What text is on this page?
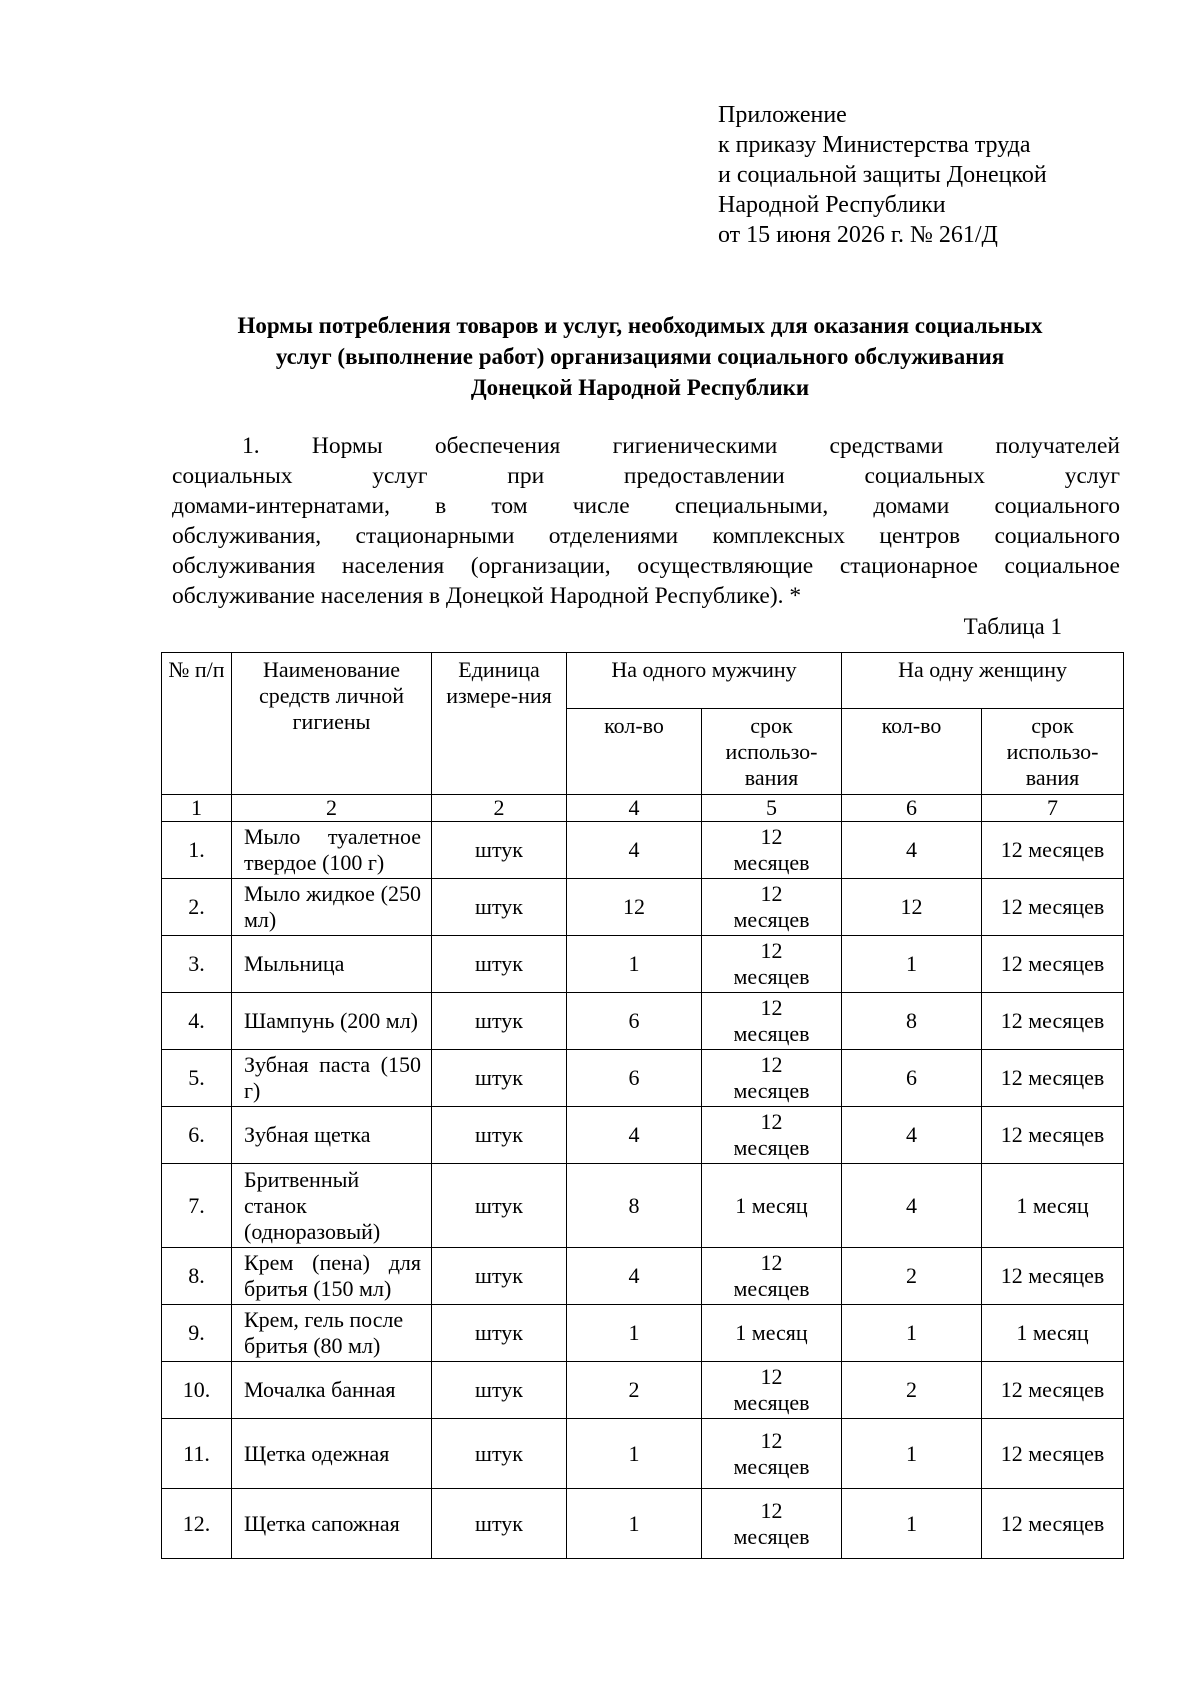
Приложение
к приказу Министерства труда
и социальной защиты Донецкой
Народной Республики
от 15 июня 2026 г. № 261/Д
Нормы потребления товаров и услуг, необходимых для оказания социальных
услуг (выполнение работ) организациями социального обслуживания
Донецкой Народной Республики
1. Нормы обеспечения гигиеническими средствами получателей
социальных услуг при предоставлении социальных услуг
домами-интернатами, в том числе специальными, домами социального
обслуживания, стационарными отделениями комплексных центров социального
обслуживания населения (организации, осуществляющие стационарное социальное
обслуживание населения в Донецкой Народной Республике). *
Таблица 1
№ п/п	Наименование средств личной гигиены	Единица измере-ния	На одного мужчину		На одну женщину	
			кол-во	срок использо-вания	кол-во	срок использо-вания
1	2	2	4	5	6	7
1.	Мыло туалетное твердое (100 г)	штук	4	12 месяцев	4	12 месяцев
2.	Мыло жидкое (250 мл)	штук	12	12 месяцев	12	12 месяцев
3.	Мыльница	штук	1	12 месяцев	1	12 месяцев
4.	Шампунь (200 мл)	штук	6	12 месяцев	8	12 месяцев
5.	Зубная паста (150 г)	штук	6	12 месяцев	6	12 месяцев
6.	Зубная щетка	штук	4	12 месяцев	4	12 месяцев
7.	Бритвенный станок (одноразовый)	штук	8	1 месяц	4	1 месяц
8.	Крем (пена) для бритья (150 мл)	штук	4	12 месяцев	2	12 месяцев
9.	Крем, гель после бритья (80 мл)	штук	1	1 месяц	1	1 месяц
10.	Мочалка банная	штук	2	12 месяцев	2	12 месяцев
11.	Щетка одежная	штук	1	12 месяцев	1	12 месяцев
12.	Щетка сапожная	штук	1	12 месяцев	1	12 месяцев
